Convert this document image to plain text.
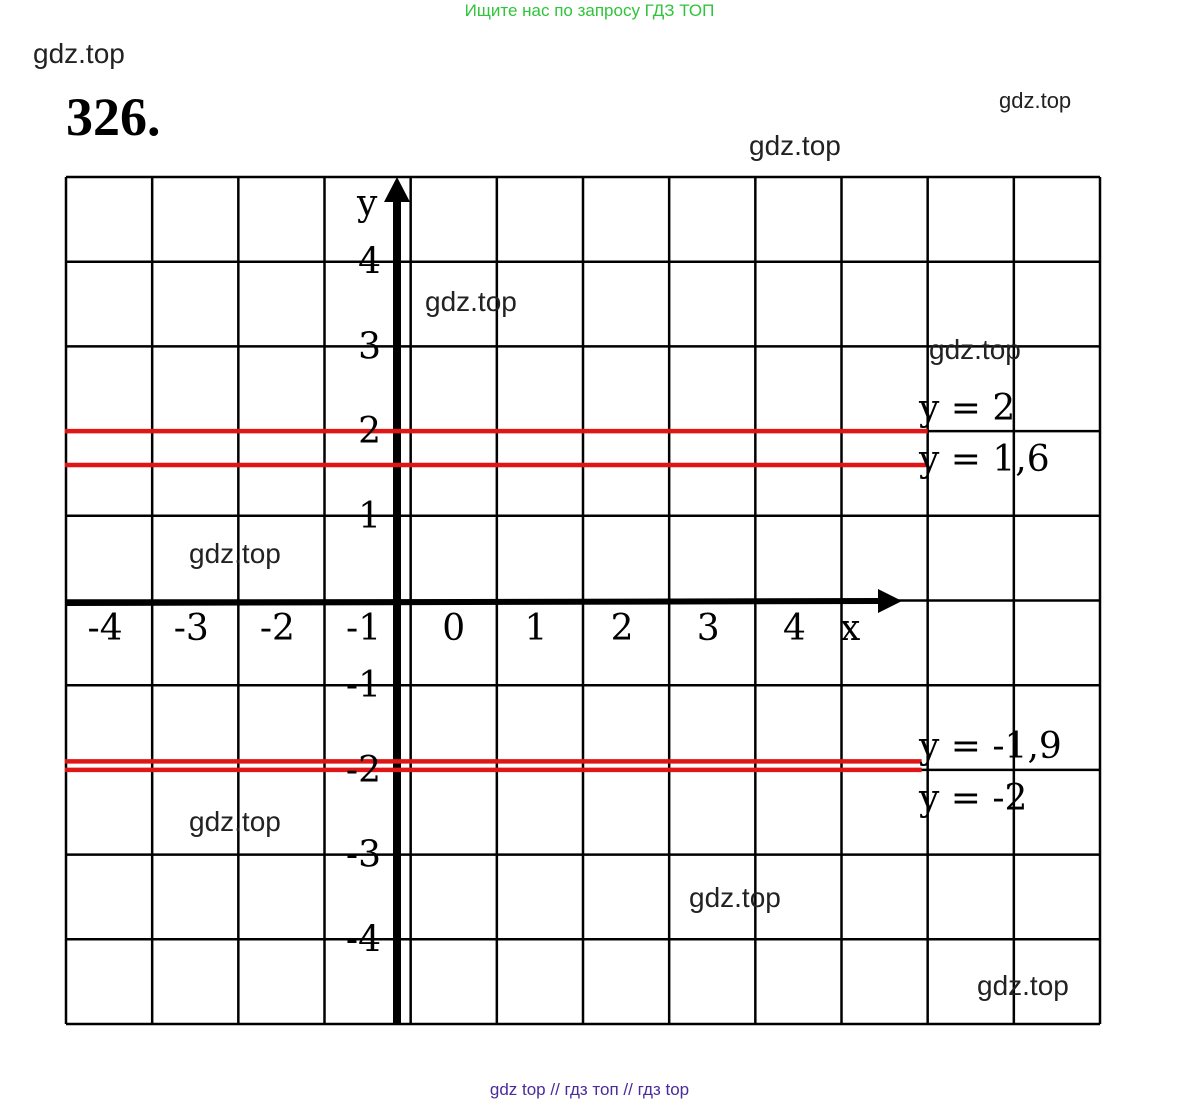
Ищите нас по запросу ГДЗ ТОП
gdz.top
gdz.top
gdz.top
326.
x
y
-4 -3 -2 -1 0 1 2 3 4
4
3
2
1
-1
-2
-3
-4
y = 2
y = 1,6
y = -1,9
y = -2
gdz.top
gdz.top
gdz.top
gdz.top
gdz.top
gdz.top
gdz top // гдз топ // гдз top
